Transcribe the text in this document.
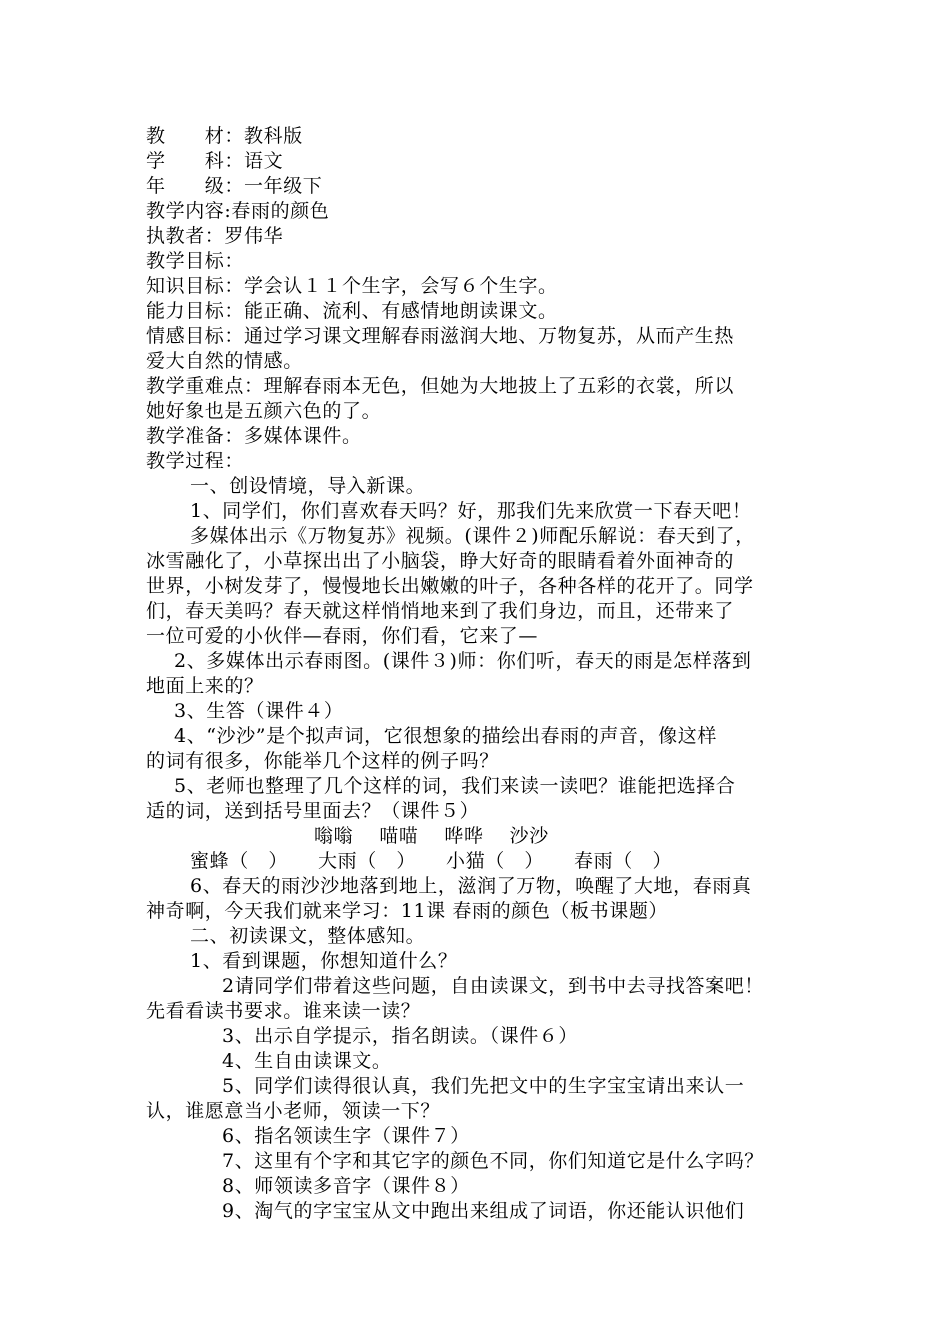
教　　材：教科版
学　　科：语文
年　　级：一年级下
教学内容:春雨的颜色
执教者：罗伟华
教学目标：
知识目标：学会认１１个生字，会写６个生字。
能力目标：能正确、流利、有感情地朗读课文。
情感目标：通过学习课文理解春雨滋润大地、万物复苏，从而产生热
爱大自然的情感。
教学重难点：理解春雨本无色，但她为大地披上了五彩的衣裳，所以
她好象也是五颜六色的了。
教学准备：多媒体课件。
教学过程：
一、创设情境，导入新课。
1、同学们，你们喜欢春天吗？好，那我们先来欣赏一下春天吧！
多媒体出示《万物复苏》视频。(课件２)师配乐解说：春天到了，
冰雪融化了，小草探出出了小脑袋，睁大好奇的眼睛看着外面神奇的
世界，小树发芽了，慢慢地长出嫩嫩的叶子，各种各样的花开了。同学
们，春天美吗？春天就这样悄悄地来到了我们身边，而且，还带来了
一位可爱的小伙伴—春雨，你们看，它来了—
2、多媒体出示春雨图。(课件３)师：你们听，春天的雨是怎样落到
地面上来的？
3、生答（课件４）
4、“沙沙”是个拟声词，它很想象的描绘出春雨的声音，像这样
的词有很多，你能举几个这样的例子吗？
5、老师也整理了几个这样的词，我们来读一读吧？谁能把选择合
适的词，送到括号里面去？（课件５）
嗡嗡 喵喵 哗哗 沙沙
蜜蜂（　） 大雨（　） 小猫（　） 春雨（　）
6、春天的雨沙沙地落到地上，滋润了万物，唤醒了大地，春雨真
神奇啊，今天我们就来学习：11课 春雨的颜色（板书课题）
二、初读课文，整体感知。
1、看到课题，你想知道什么？
2请同学们带着这些问题，自由读课文，到书中去寻找答案吧！
先看看读书要求。谁来读一读？
3、出示自学提示，指名朗读。（课件６）
4、生自由读课文。
5、同学们读得很认真，我们先把文中的生字宝宝请出来认一
认，谁愿意当小老师，领读一下？
6、指名领读生字（课件７）
7、这里有个字和其它字的颜色不同，你们知道它是什么字吗？
8、师领读多音字（课件８）
9、淘气的字宝宝从文中跑出来组成了词语，你还能认识他们
